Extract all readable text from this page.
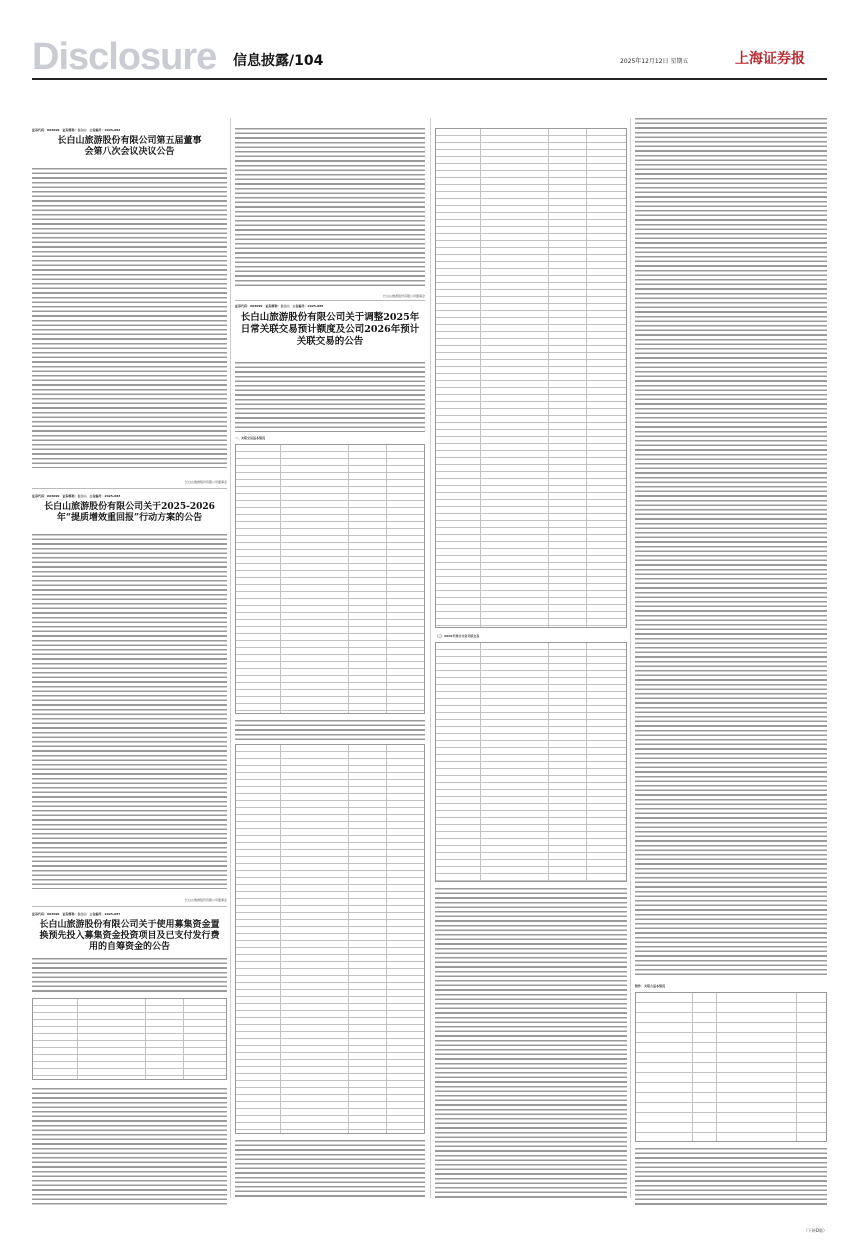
Disclosure 信息披露/104	2025年12月12日 星期五	上海证券报
证券代码：603099　证券简称：长白山　公告编号：2025-082
长白山旅游股份有限公司第五届董事会第八次会议决议公告
长白山旅游股份有限公司董事会
证券代码：603099　证券简称：长白山　公告编号：2025-083
长白山旅游股份有限公司关于2025-2026年“提质增效重回报”行动方案的公告
长白山旅游股份有限公司董事会
证券代码：603099　证券简称：长白山　公告编号：2025-087
长白山旅游股份有限公司关于使用募集资金置换预先投入募集资金投资项目及已支付发行费用的自筹资金的公告
长白山旅游股份有限公司董事会
证券代码：603099　证券简称：长白山　公告编号：2025-085
长白山旅游股份有限公司关于调整2025年日常关联交易预计额度及公司2026年预计关联交易的公告
一、关联交易基本情况
（三）2026年预计日常关联交易
附件：关联方基本情况
（下转D版）
